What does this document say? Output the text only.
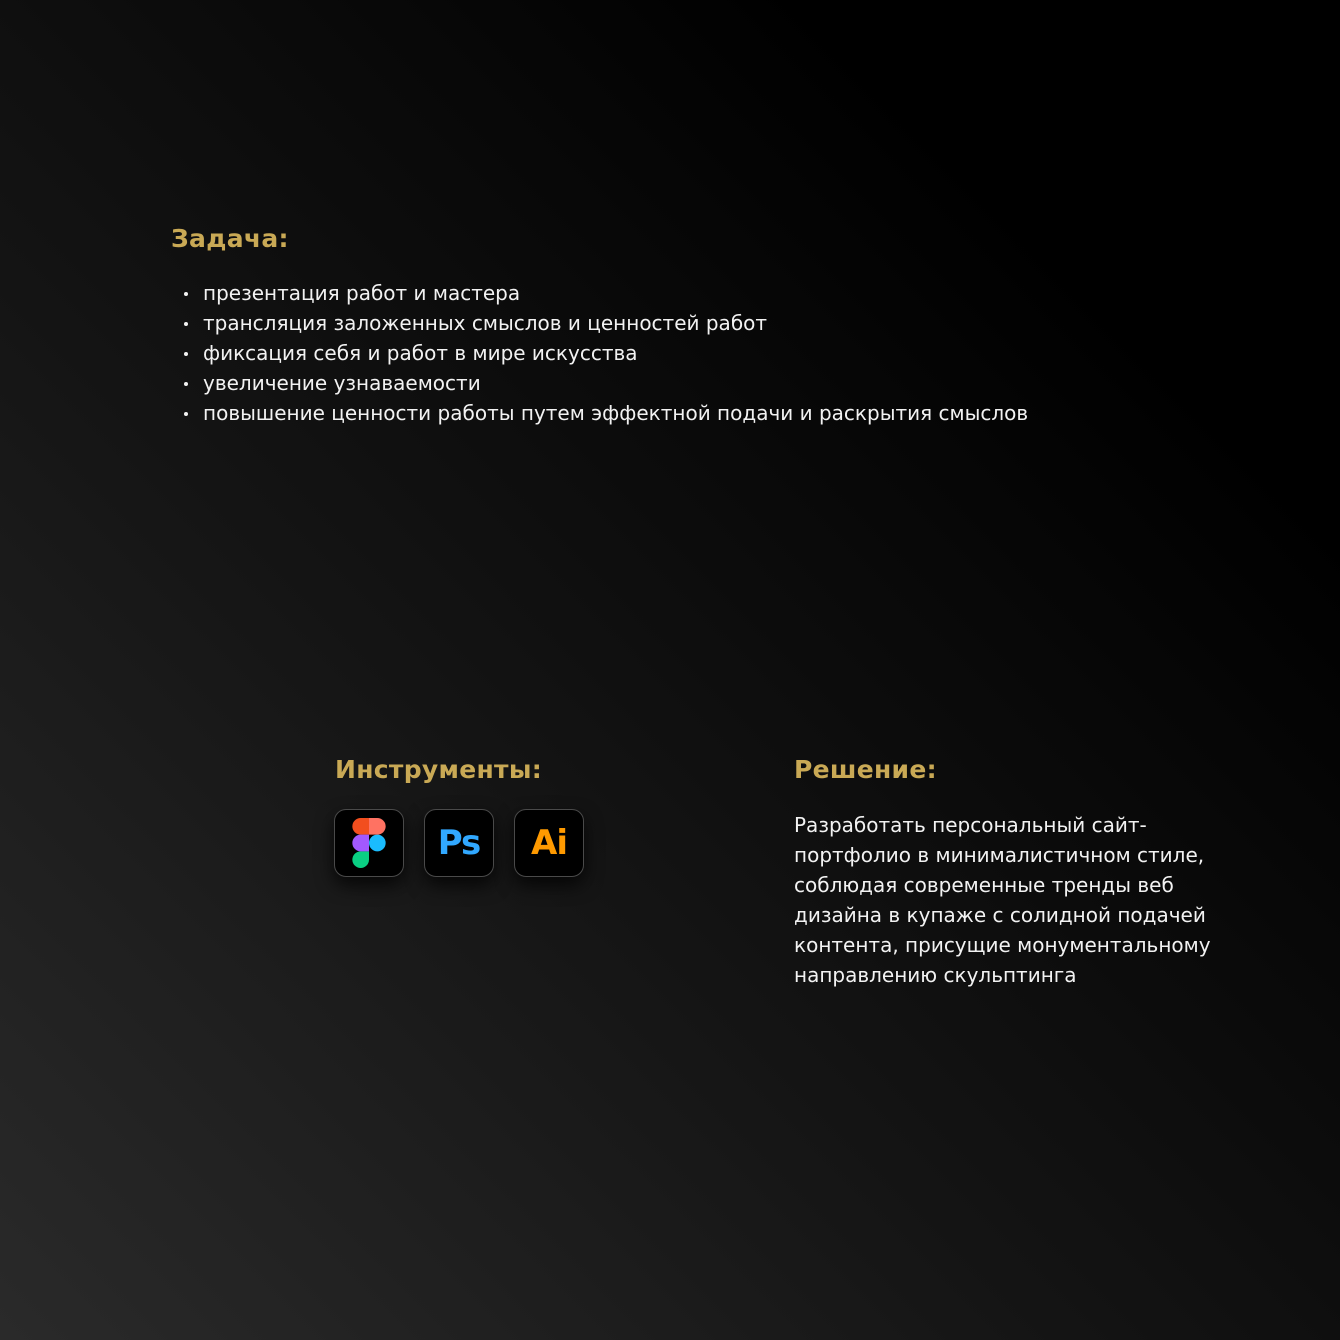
Задача:
презентация работ и мастера
трансляция заложенных смыслов и ценностей работ
фиксация себя и работ в мире искусства
увеличение узнаваемости
повышение ценности работы путем эффектной подачи и раскрытия смыслов
Инструменты:
Ps Ai
Решение:
Разработать персональный сайт-
портфолио в минималистичном стиле,
соблюдая современные тренды веб
дизайна в купаже с солидной подачей
контента, присущие монументальному
направлению скульптинга
